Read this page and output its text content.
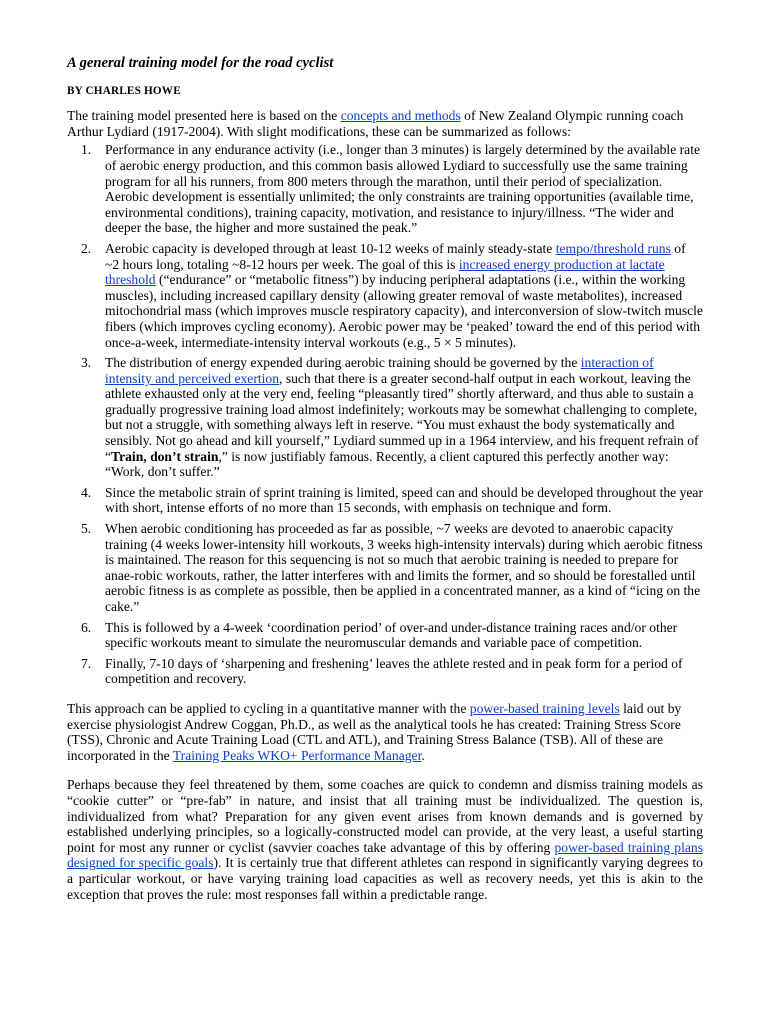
A general training model for the road cyclist

BY CHARLES HOWE

The training model presented here is based on the concepts and methods of New Zealand Olympic running coach Arthur Lydiard (1917-2004). With slight modifications, these can be summarized as follows:

1. Performance in any endurance activity (i.e., longer than 3 minutes) is largely determined by the available rate of aerobic energy production, and this common basis allowed Lydiard to successfully use the same training program for all his runners, from 800 meters through the marathon, until their period of specialization. Aerobic development is essentially unlimited; the only constraints are training opportunities (available time, environmental conditions), training capacity, motivation, and resistance to injury/illness. “The wider and deeper the base, the higher and more sustained the peak.”
2. Aerobic capacity is developed through at least 10-12 weeks of mainly steady-state tempo/threshold runs of ~2 hours long, totaling ~8-12 hours per week. The goal of this is increased energy production at lactate threshold (“endurance” or “metabolic fitness”) by inducing peripheral adaptations (i.e., within the working muscles), including increased capillary density (allowing greater removal of waste metabolites), increased mitochondrial mass (which improves muscle respiratory capacity), and interconversion of slow-twitch muscle fibers (which improves cycling economy). Aerobic power may be ‘peaked’ toward the end of this period with once-a-week, intermediate-intensity interval workouts (e.g., 5 × 5 minutes).
3. The distribution of energy expended during aerobic training should be governed by the interaction of intensity and perceived exertion, such that there is a greater second-half output in each workout, leaving the athlete exhausted only at the very end, feeling “pleasantly tired” shortly afterward, and thus able to sustain a gradually progressive training load almost indefinitely; workouts may be somewhat challenging to complete, but not a struggle, with something always left in reserve. “You must exhaust the body systematically and sensibly. Not go ahead and kill yourself,” Lydiard summed up in a 1964 interview, and his frequent refrain of “Train, don’t strain,” is now justifiably famous. Recently, a client captured this perfectly another way: “Work, don’t suffer.”
4. Since the metabolic strain of sprint training is limited, speed can and should be developed throughout the year with short, intense efforts of no more than 15 seconds, with emphasis on technique and form.
5. When aerobic conditioning has proceeded as far as possible, ~7 weeks are devoted to anaerobic capacity training (4 weeks lower-intensity hill workouts, 3 weeks high-intensity intervals) during which aerobic fitness is maintained. The reason for this sequencing is not so much that aerobic training is needed to prepare for anae-robic workouts, rather, the latter interferes with and limits the former, and so should be forestalled until aerobic fitness is as complete as possible, then be applied in a concentrated manner, as a kind of “icing on the cake.”
6. This is followed by a 4-week ‘coordination period’ of over-and under-distance training races and/or other specific workouts meant to simulate the neuromuscular demands and variable pace of competition.
7. Finally, 7-10 days of ‘sharpening and freshening’ leaves the athlete rested and in peak form for a period of competition and recovery.

This approach can be applied to cycling in a quantitative manner with the power-based training levels laid out by exercise physiologist Andrew Coggan, Ph.D., as well as the analytical tools he has created: Training Stress Score (TSS), Chronic and Acute Training Load (CTL and ATL), and Training Stress Balance (TSB). All of these are incorporated in the Training Peaks WKO+ Performance Manager.

Perhaps because they feel threatened by them, some coaches are quick to condemn and dismiss training models as “cookie cutter” or “pre-fab” in nature, and insist that all training must be individualized. The question is, individualized from what? Preparation for any given event arises from known demands and is governed by established underlying principles, so a logically-constructed model can provide, at the very least, a useful starting point for most any runner or cyclist (savvier coaches take advantage of this by offering power-based training plans designed for specific goals). It is certainly true that different athletes can respond in significantly varying degrees to a particular workout, or have varying training load capacities as well as recovery needs, yet this is akin to the exception that proves the rule: most responses fall within a predictable range.
